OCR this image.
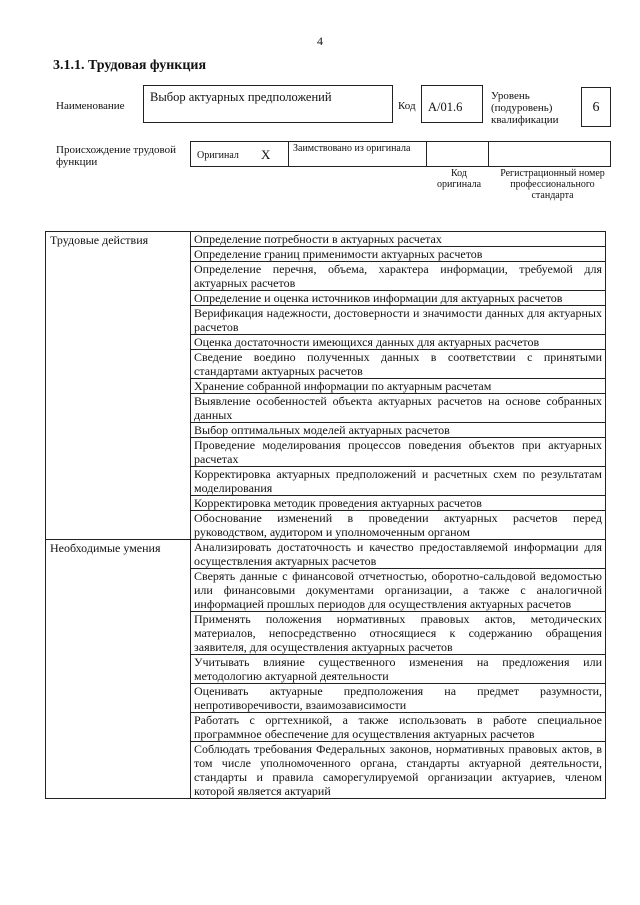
4
3.1.1. Трудовая функция
Наименование
Выбор актуарных предположений
Код А/01.6
Уровень (подуровень) квалификации
6
Происхождение трудовой функции
Оригинал X Заимствовано из оригинала
Код оригинала
Регистрационный номер профессионального стандарта
Трудовые действия	Определение потребности в актуарных расчетах
	Определение границ применимости актуарных расчетов
	Определение перечня, объема, характера информации, требуемой для актуарных расчетов
	Определение и оценка источников информации для актуарных расчетов
	Верификация надежности, достоверности и значимости данных для актуарных расчетов
	Оценка достаточности имеющихся данных для актуарных расчетов
	Сведение воедино полученных данных в соответствии с принятыми стандартами актуарных расчетов
	Хранение собранной информации по актуарным расчетам
	Выявление особенностей объекта актуарных расчетов на основе собранных данных
	Выбор оптимальных моделей актуарных расчетов
	Проведение моделирования процессов поведения объектов при актуарных расчетах
	Корректировка актуарных предположений и расчетных схем по результатам моделирования
	Корректировка методик проведения актуарных расчетов
	Обоснование изменений в проведении актуарных расчетов перед руководством, аудитором и уполномоченным органом
Необходимые умения	Анализировать достаточность и качество предоставляемой информации для осуществления актуарных расчетов
	Сверять данные с финансовой отчетностью, оборотно-сальдовой ведомостью или финансовыми документами организации, а также с аналогичной информацией прошлых периодов для осуществления актуарных расчетов
	Применять положения нормативных правовых актов, методических материалов, непосредственно относящиеся к содержанию обращения заявителя, для осуществления актуарных расчетов
	Учитывать влияние существенного изменения на предложения или методологию актуарной деятельности
	Оценивать актуарные предположения на предмет разумности, непротиворечивости, взаимозависимости
	Работать с оргтехникой, а также использовать в работе специальное программное обеспечение для осуществления актуарных расчетов
	Соблюдать требования Федеральных законов, нормативных правовых актов, в том числе уполномоченного органа, стандарты актуарной деятельности, стандарты и правила саморегулируемой организации актуариев, членом которой является актуарий
